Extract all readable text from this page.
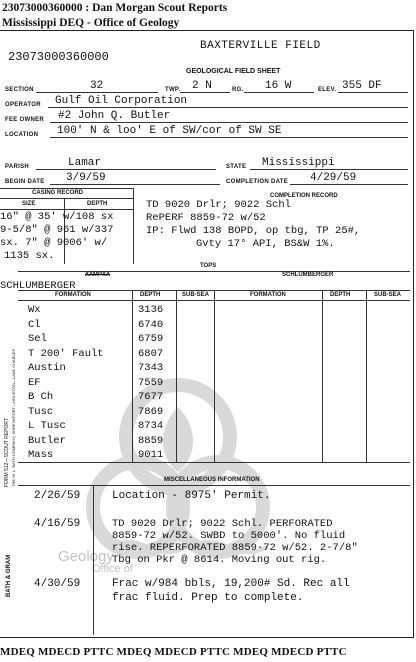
23073000360000 : Dan Morgan Scout Reports
Mississippi DEQ - Office of Geology
Geology
Office of
FORM 512—SCOUT REPORT THE W. L. BATH COMPANY, SHREVEPORT—HOUSTON—LAKE CHARLES
BATH & GRAM
23073000360000
BAXTERVILLE FIELD
GEOLOGICAL FIELD SHEET
SECTION	32	TWP. 2 N	RG. 16 W	ELEV. 355 DF
OPERATOR Gulf Oil Corporation
FEE OWNER #2 John Q. Butler
LOCATION 100' N & loo' E of SW/cor of SW SE
PARISH	Lamar	STATE Mississippi
BEGIN DATE 3/9/59	COMPLETION DATE 4/29/59
CASING RECORD
SIZE	DEPTH
16" @ 35' w/108 sx
9-5/8" @ 961 w/337
sx. 7" @ 9006' w/
1135 sx.
COMPLETION RECORD
TD 9020 Drlr; 9022 Schl
RePERF 8859-72 w/52
IP: Flwd 138 BOPD, op tbg, TP 25#,
Gvty 17° API, BS&W 1%.
TOPS
XXMPXX	SCHLUMBERGER
SCHLUMBERGER
FORMATION	DEPTH	SUB-SEA	FORMATION	DEPTH	SUB-SEA
Wx	3136
Cl	6740
Sel	6759
T 200' Fault	6807
Austin	7343
EF	7559
B Ch	7677
Tusc	7869
L Tusc	8734
Butler	8859
Mass	9011
MISCELLANEOUS INFORMATION
2/26/59	Location - 8975' Permit.
4/16/59	TD 9020 Drlr; 9022 Schl. PERFORATED
8859-72 w/52. SWBD to 5000'. No fluid
rise. REPERFORATED 8859-72 w/52. 2-7/8"
Tbg on Pkr @ 8614. Moving out rig.
4/30/59	Frac w/984 bbls, 19,200# Sd. Rec all
frac fluid. Prep to complete.
MDEQ MDECD PTTC MDEQ MDECD PTTC MDEQ MDECD PTTC
